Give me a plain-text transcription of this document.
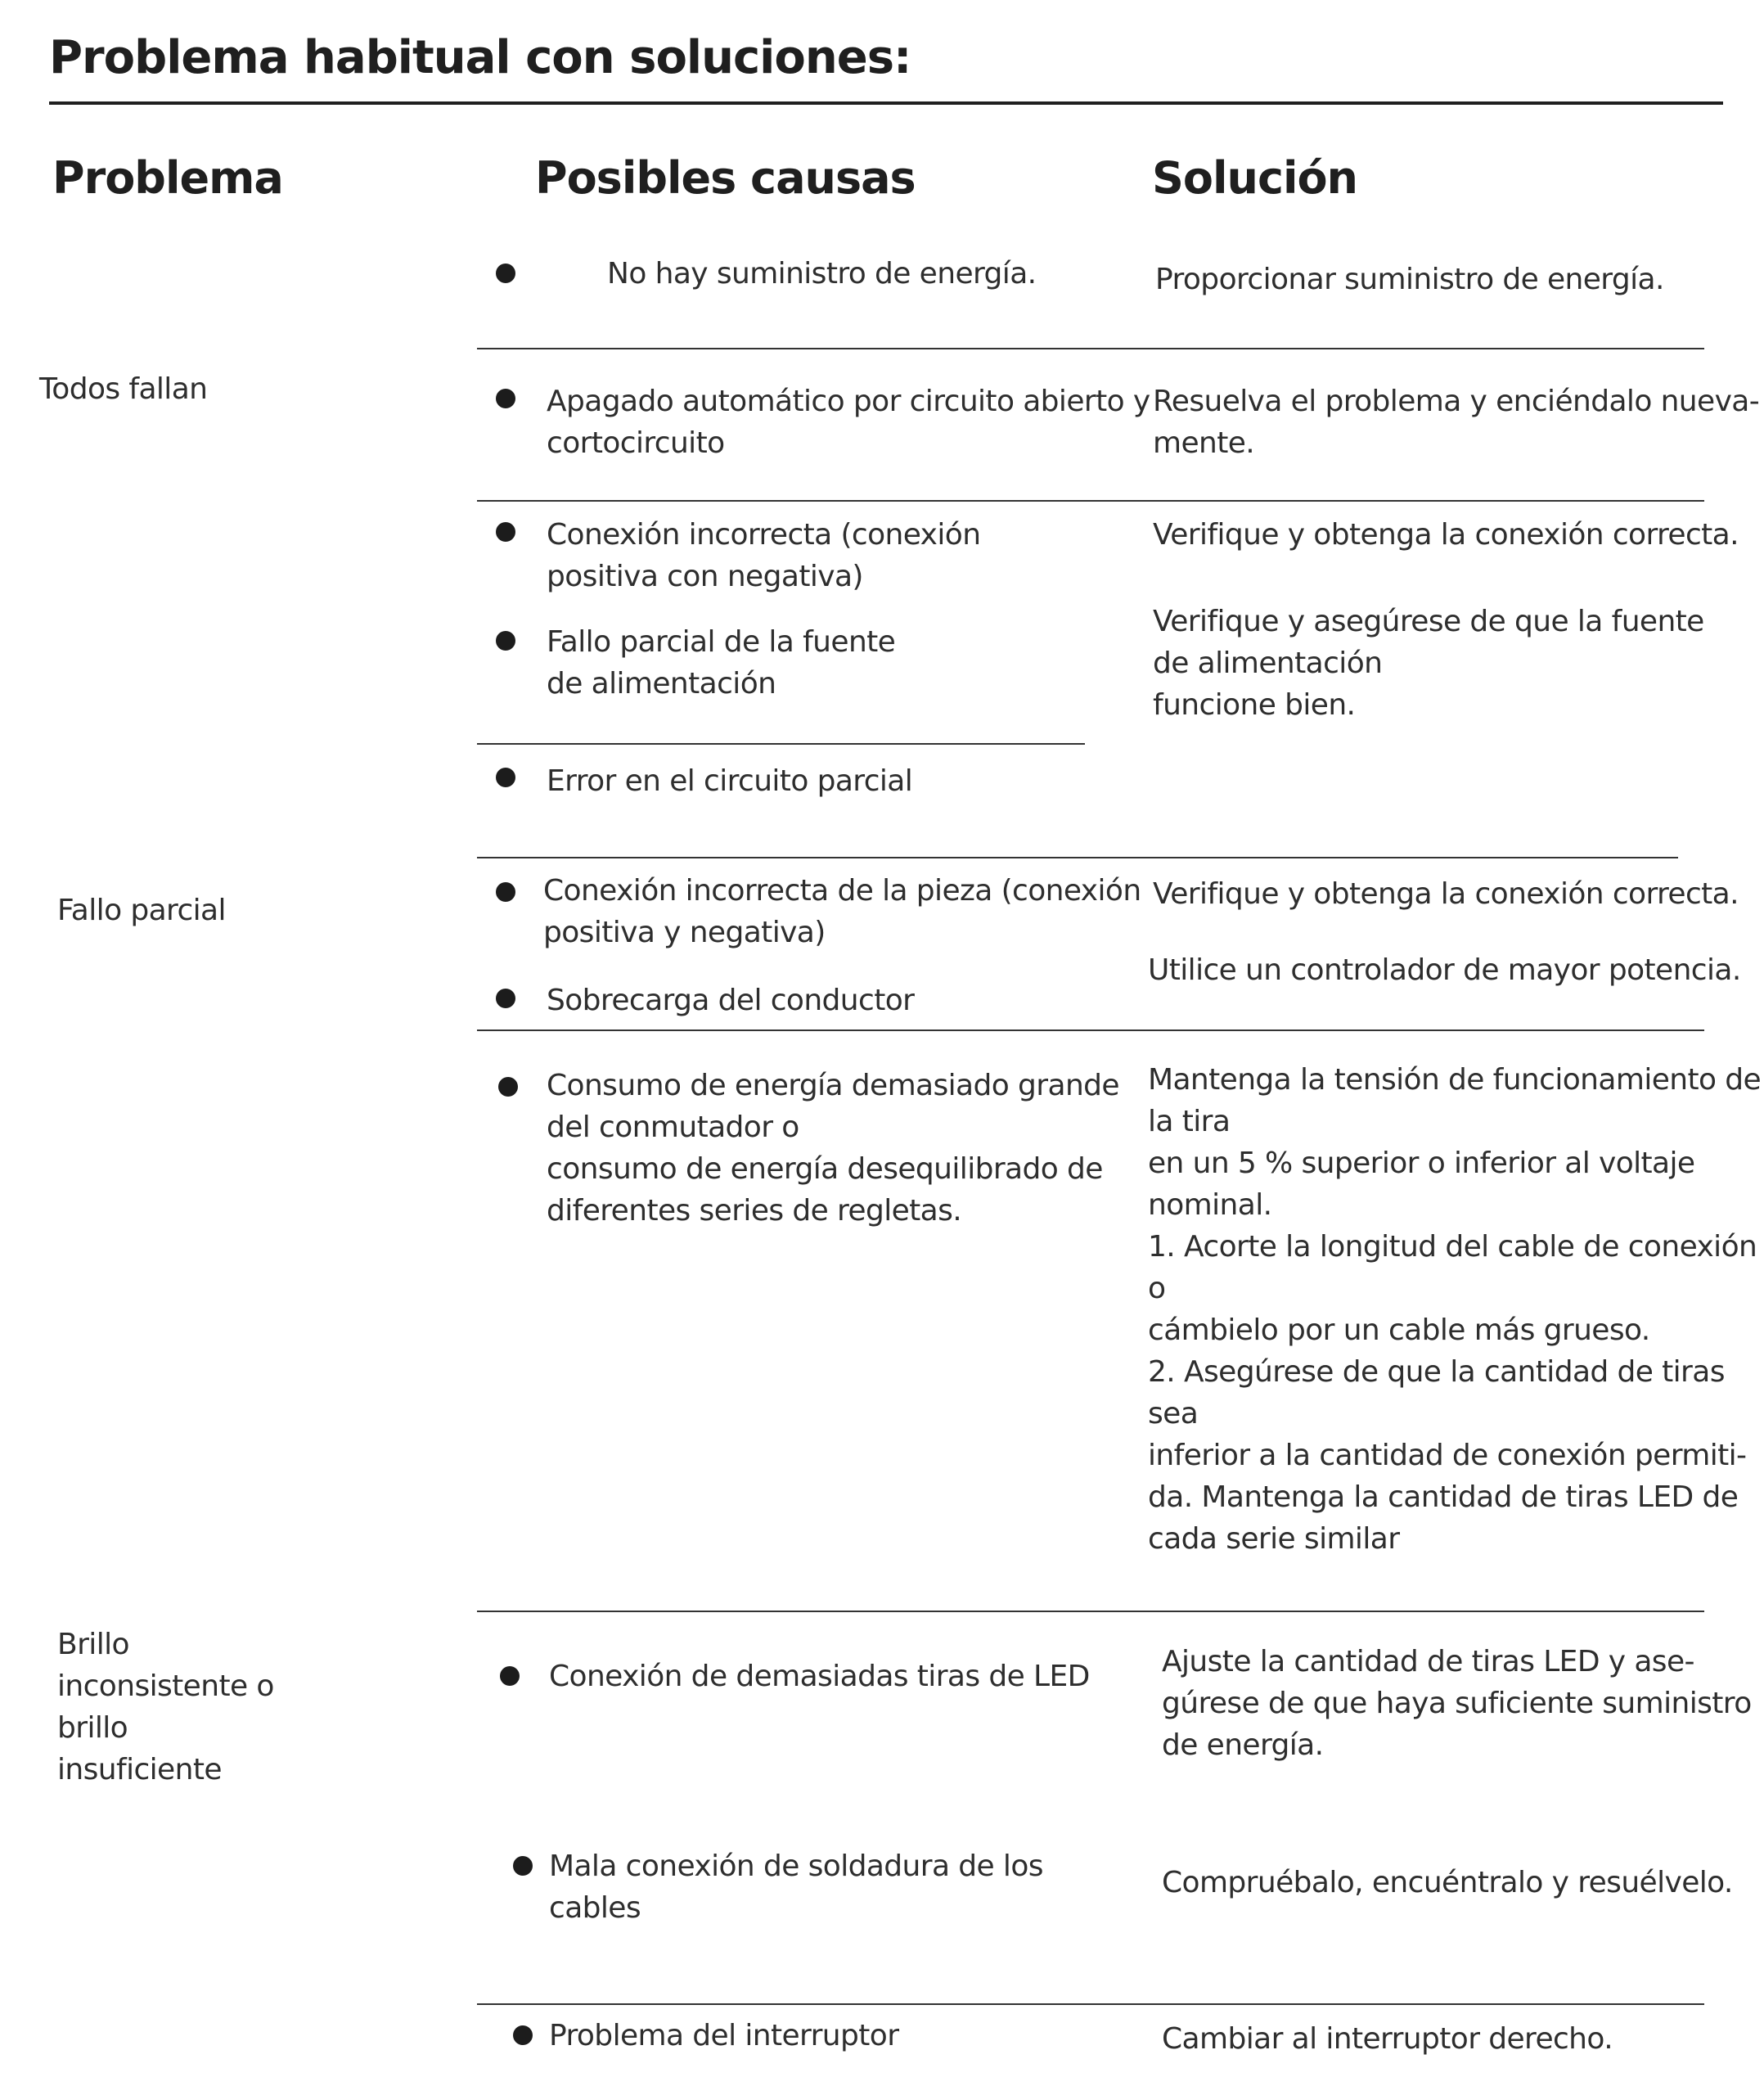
Problema habitual con soluciones:
Problema	Posibles causas	Solución
Todos fallan
Fallo parcial
Brillo
inconsistente o
brillo
insuficiente
No hay suministro de energía.
Apagado automático por circuito abierto y
cortocircuito
Conexión incorrecta (conexión
positiva con negativa)
Fallo parcial de la fuente
de alimentación
Error en el circuito parcial
Conexión incorrecta de la pieza (conexión
positiva y negativa)
Sobrecarga del conductor
Consumo de energía demasiado grande
del conmutador o
consumo de energía desequilibrado de
diferentes series de regletas.
Conexión de demasiadas tiras de LED
Mala conexión de soldadura de los
cables
Problema del interruptor
Proporcionar suministro de energía.
Resuelva el problema y enciéndalo nueva-
mente.
Verifique y obtenga la conexión correcta.
Verifique y asegúrese de que la fuente
de alimentación
funcione bien.
Verifique y obtenga la conexión correcta.
Utilice un controlador de mayor potencia.
Mantenga la tensión de funcionamiento de
la tira
en un 5 % superior o inferior al voltaje
nominal.
1. Acorte la longitud del cable de conexión
o
cámbielo por un cable más grueso.
2. Asegúrese de que la cantidad de tiras
sea
inferior a la cantidad de conexión permiti-
da. Mantenga la cantidad de tiras LED de
cada serie similar
Ajuste la cantidad de tiras LED y ase-
gúrese de que haya suficiente suministro
de energía.
Compruébalo, encuéntralo y resuélvelo.
Cambiar al interruptor derecho.
